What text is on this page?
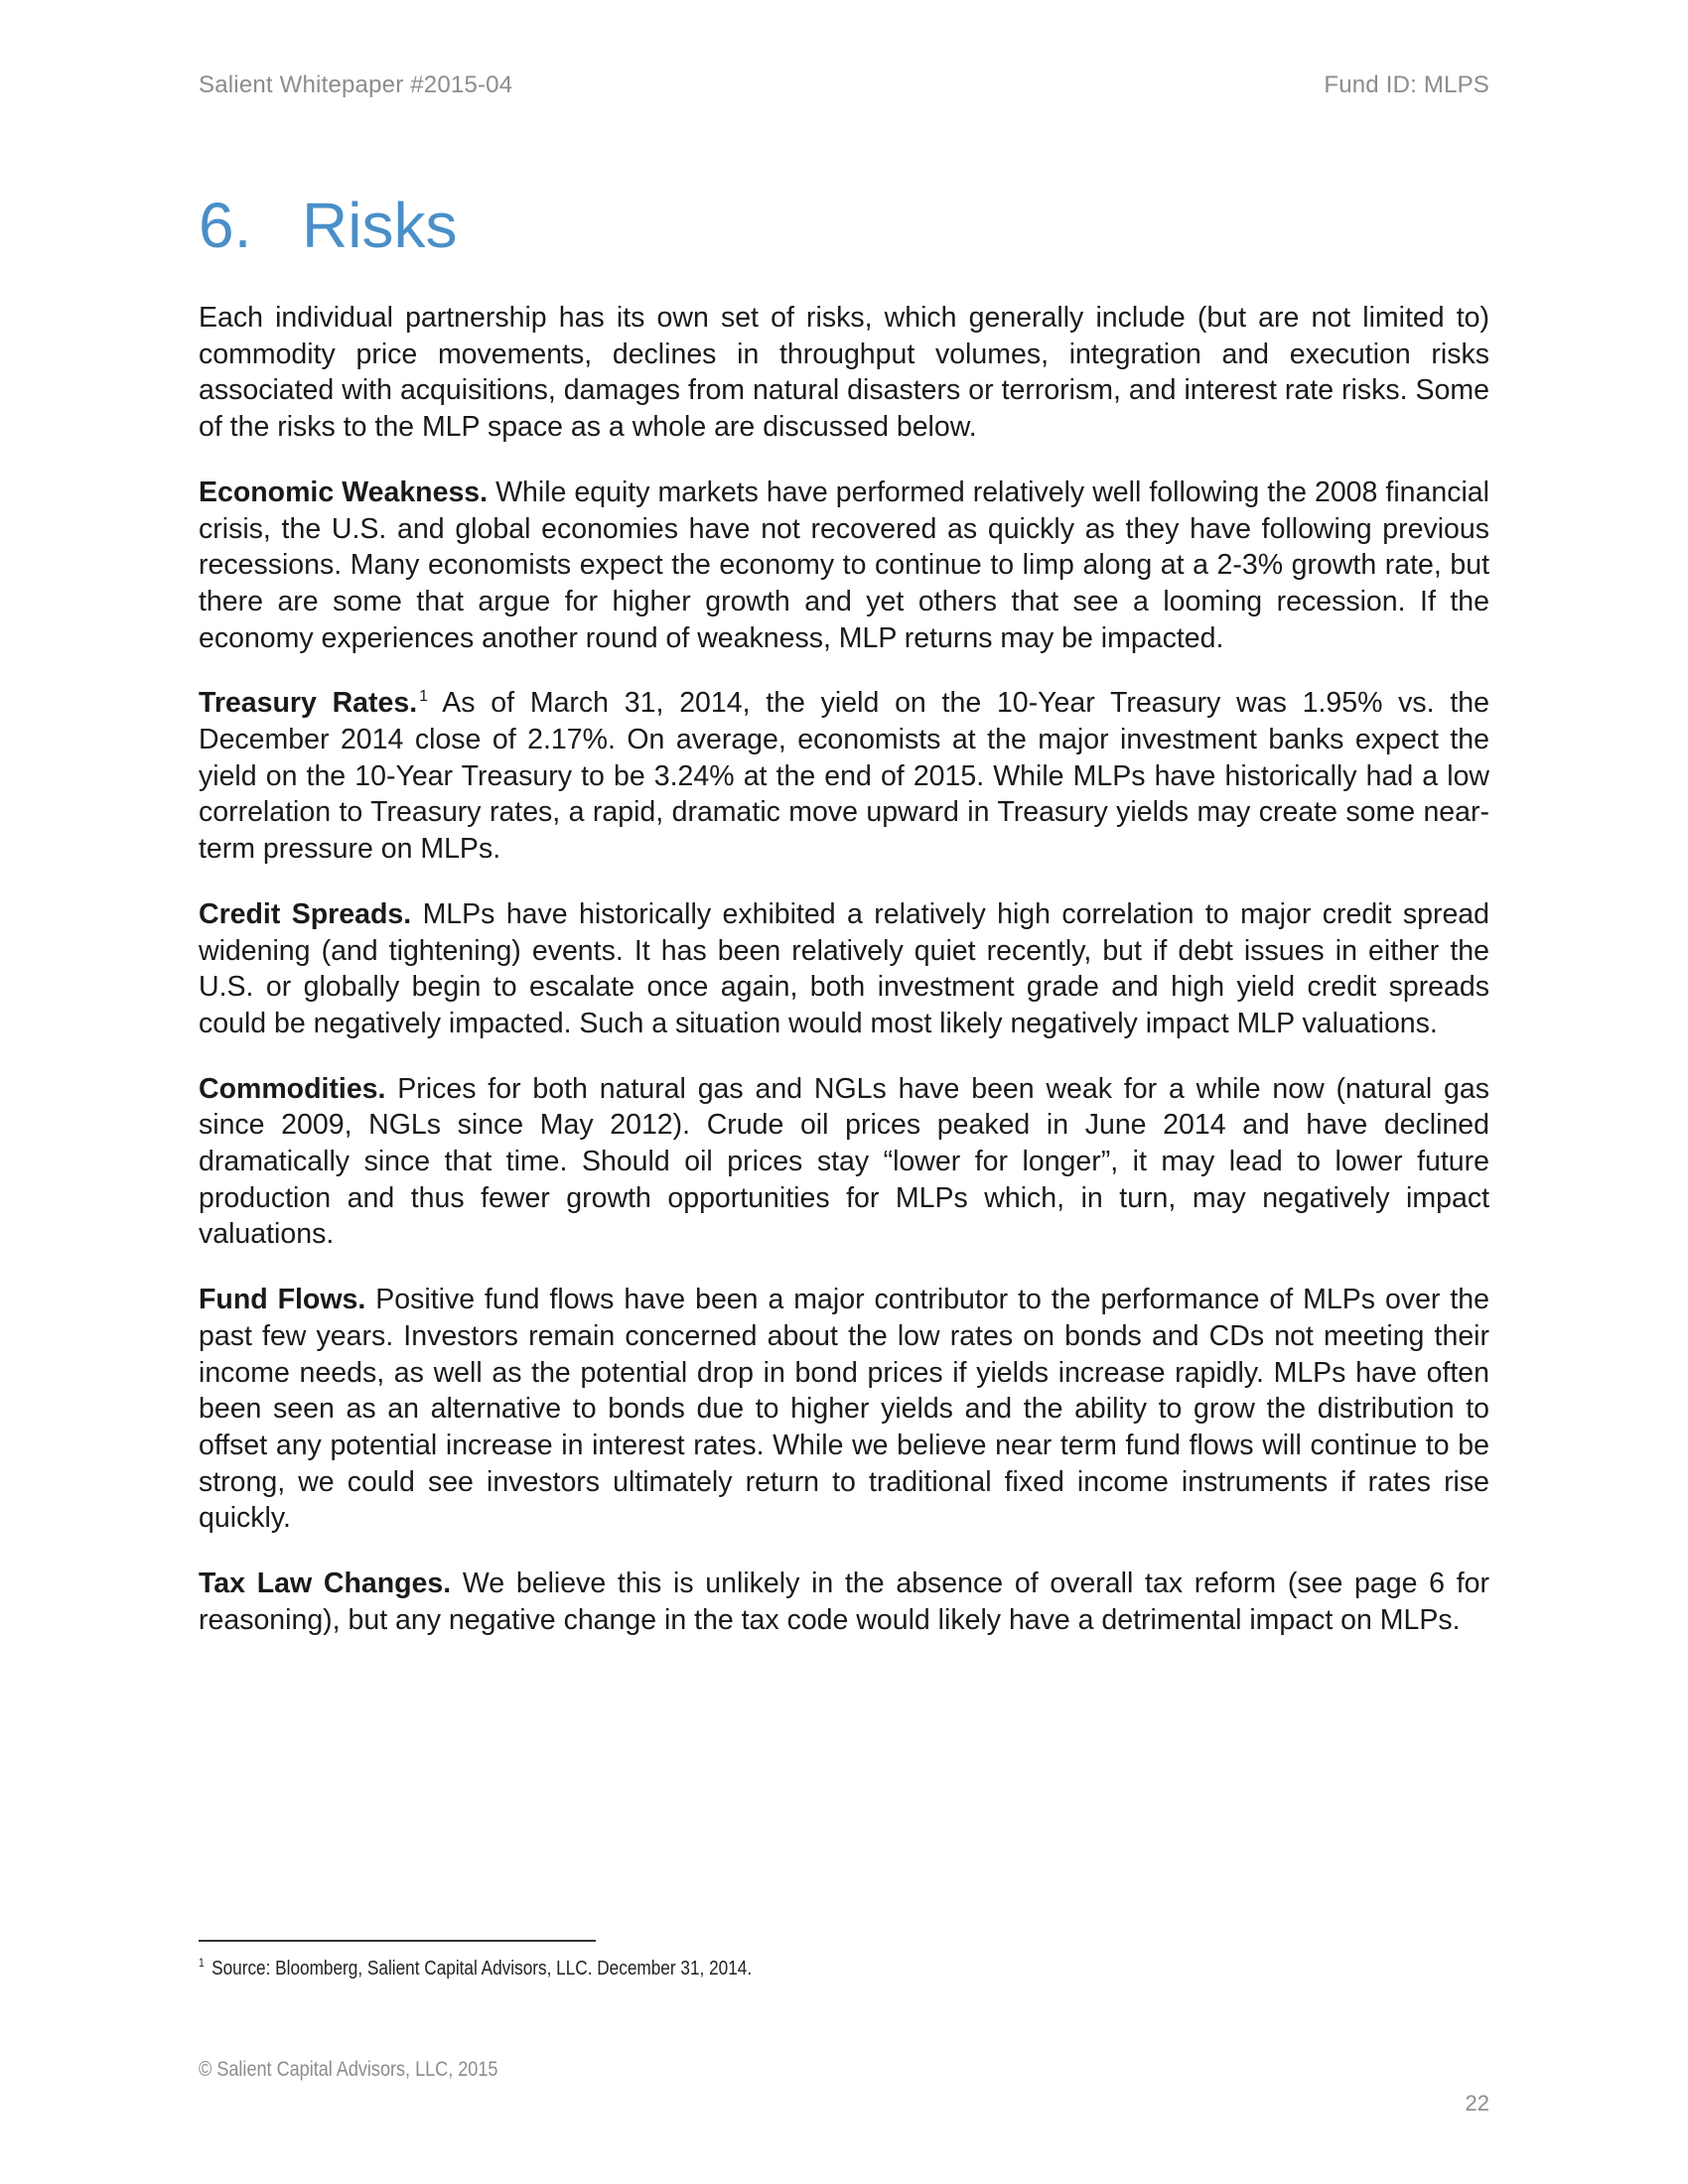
Salient Whitepaper #2015-04	Fund ID: MLPS
6. Risks

Each individual partnership has its own set of risks, which generally include (but are not limited to) commodity price movements, declines in throughput volumes, integration and execution risks associated with acquisitions, damages from natural disasters or terrorism, and interest rate risks. Some of the risks to the MLP space as a whole are discussed below.

Economic Weakness. While equity markets have performed relatively well following the 2008 financial crisis, the U.S. and global economies have not recovered as quickly as they have following previous recessions. Many economists expect the economy to continue to limp along at a 2-3% growth rate, but there are some that argue for higher growth and yet others that see a looming recession. If the economy experiences another round of weakness, MLP returns may be impacted.

Treasury Rates. $^1$ As of March 31, 2014, the yield on the 10-Year Treasury was 1.95% vs. the December 2014 close of 2.17%. On average, economists at the major investment banks expect the yield on the 10-Year Treasury to be 3.24% at the end of 2015. While MLPs have historically had a low correlation to Treasury rates, a rapid, dramatic move upward in Treasury yields may create some near-term pressure on MLPs.

Credit Spreads. MLPs have historically exhibited a relatively high correlation to major credit spread widening (and tightening) events. It has been relatively quiet recently, but if debt issues in either the U.S. or globally begin to escalate once again, both investment grade and high yield credit spreads could be negatively impacted. Such a situation would most likely negatively impact MLP valuations.

Commodities. Prices for both natural gas and NGLs have been weak for a while now (natural gas since 2009, NGLs since May 2012). Crude oil prices peaked in June 2014 and have declined dramatically since that time. Should oil prices stay “lower for longer”, it may lead to lower future production and thus fewer growth opportunities for MLPs which, in turn, may negatively impact valuations.

Fund Flows. Positive fund flows have been a major contributor to the performance of MLPs over the past few years. Investors remain concerned about the low rates on bonds and CDs not meeting their income needs, as well as the potential drop in bond prices if yields increase rapidly. MLPs have often been seen as an alternative to bonds due to higher yields and the ability to grow the distribution to offset any potential increase in interest rates. While we believe near term fund flows will continue to be strong, we could see investors ultimately return to traditional fixed income instruments if rates rise quickly.

Tax Law Changes. We believe this is unlikely in the absence of overall tax reform (see page 6 for reasoning), but any negative change in the tax code would likely have a detrimental impact on MLPs.

$^1$ Source: Bloomberg, Salient Capital Advisors, LLC. December 31, 2014.
© Salient Capital Advisors, LLC, 2015
22
